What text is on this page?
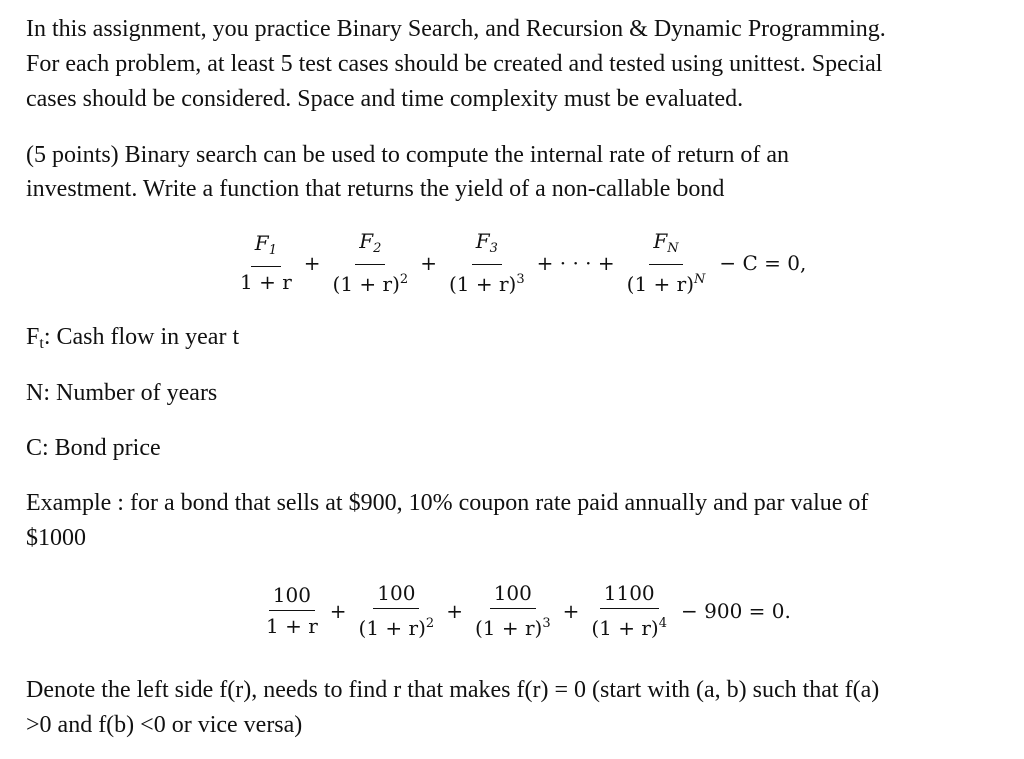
In this assignment, you practice Binary Search, and Recursion & Dynamic Programming.

For each problem, at least 5 test cases should be created and tested using unittest. Special

cases should be considered. Space and time complexity must be evaluated.

(5 points) Binary search can be used to compute the internal rate of return of an

investment. Write a function that returns the yield of a non-callable bond

$\frac{F_1}{1 + r} + \frac{F_2}{(1 + r)^2} + \frac{F_3}{(1 + r)^3}$ + · · · + $\frac{F_N}{(1 + r)^N} - C = 0$,

Ft: Cash flow in year t

N: Number of years

C: Bond price

Example : for a bond that sells at $900, 10% coupon rate paid annually and par value of

$1000

$\frac{100}{1 + r} + \frac{100}{(1 + r)^2} + \frac{100}{(1 + r)^3} + \frac{1100}{(1 + r)^4} - 900 = 0$.

Denote the left side f(r), needs to find r that makes f(r) = 0 (start with (a, b) such that f(a)

>0 and f(b) <0 or vice versa)
